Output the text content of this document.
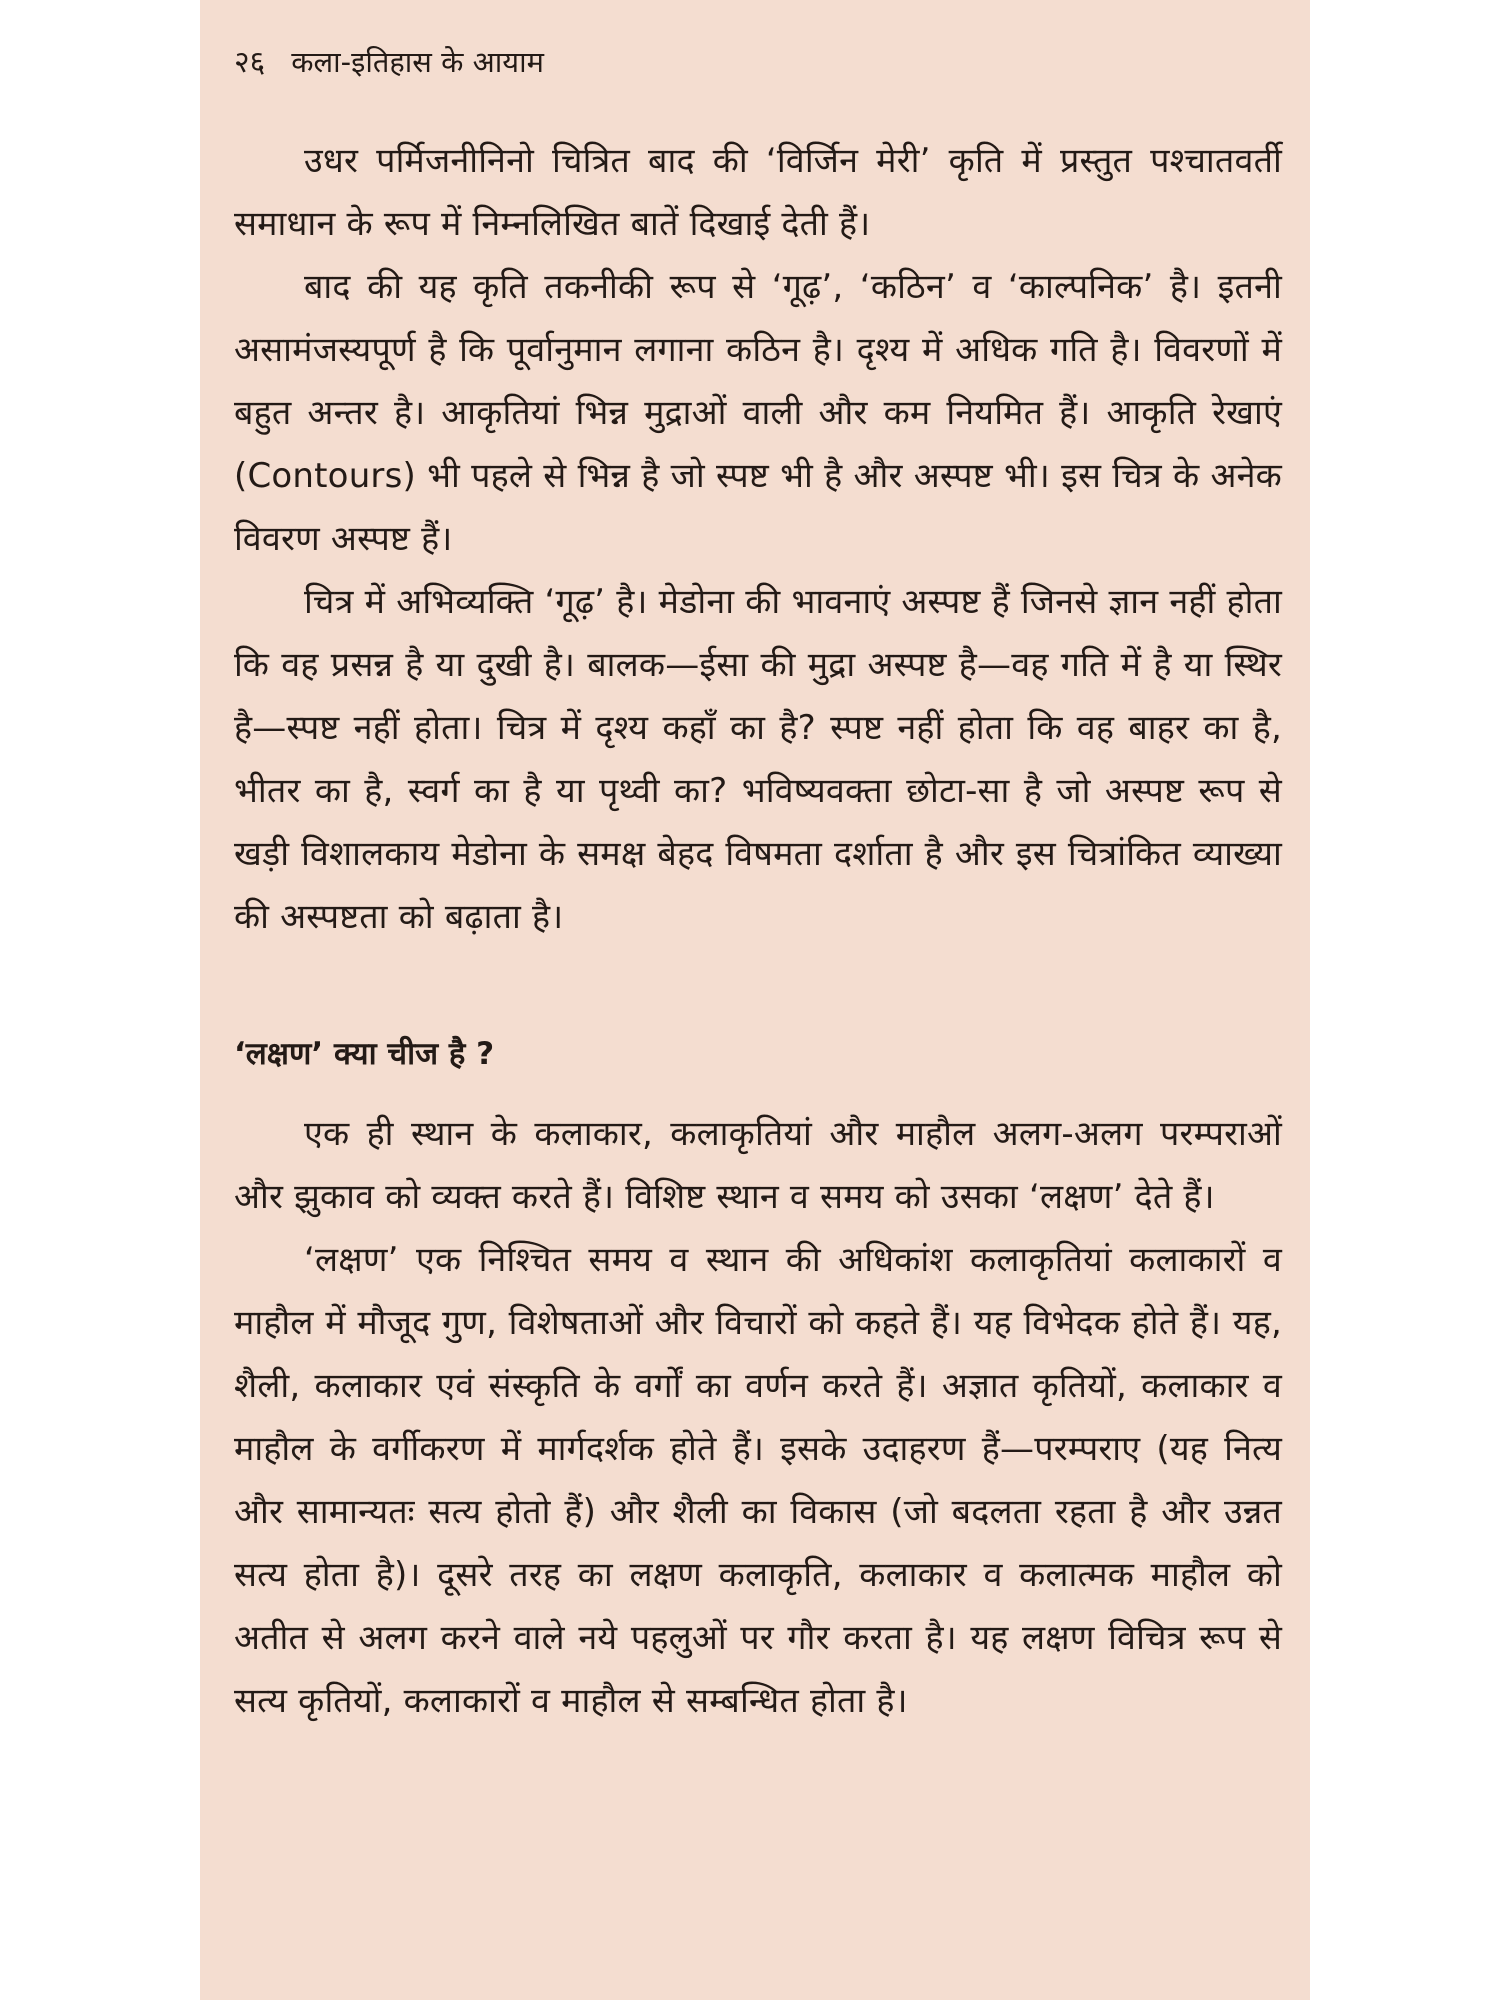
२६ कला-इतिहास के आयाम

उधर पर्मिजनीनिनो चित्रित बाद की ‘विर्जिन मेरी’ कृति में प्रस्तुत पश्चातवर्ती समाधान के रूप में निम्नलिखित बातें दिखाई देती हैं।

बाद की यह कृति तकनीकी रूप से ‘गूढ़’, ‘कठिन’ व ‘काल्पनिक’ है। इतनी असामंजस्यपूर्ण है कि पूर्वानुमान लगाना कठिन है। दृश्य में अधिक गति है। विवरणों में बहुत अन्तर है। आकृतियां भिन्न मुद्राओं वाली और कम नियमित हैं। आकृति रेखाएं (Contours) भी पहले से भिन्न है जो स्पष्ट भी है और अस्पष्ट भी। इस चित्र के अनेक विवरण अस्पष्ट हैं।

चित्र में अभिव्यक्ति ‘गूढ़’ है। मेडोना की भावनाएं अस्पष्ट हैं जिनसे ज्ञान नहीं होता कि वह प्रसन्न है या दुखी है। बालक—ईसा की मुद्रा अस्पष्ट है—वह गति में है या स्थिर है—स्पष्ट नहीं होता। चित्र में दृश्य कहाँ का है? स्पष्ट नहीं होता कि वह बाहर का है, भीतर का है, स्वर्ग का है या पृथ्वी का? भविष्यवक्ता छोटा-सा है जो अस्पष्ट रूप से खड़ी विशालकाय मेडोना के समक्ष बेहद विषमता दर्शाता है और इस चित्रांकित व्याख्या की अस्पष्टता को बढ़ाता है।

‘लक्षण’ क्या चीज है ?

एक ही स्थान के कलाकार, कलाकृतियां और माहौल अलग-अलग परम्पराओं और झुकाव को व्यक्त करते हैं। विशिष्ट स्थान व समय को उसका ‘लक्षण’ देते हैं।

‘लक्षण’ एक निश्चित समय व स्थान की अधिकांश कलाकृतियां कलाकारों व माहौल में मौजूद गुण, विशेषताओं और विचारों को कहते हैं। यह विभेदक होते हैं। यह, शैली, कलाकार एवं संस्कृति के वर्गों का वर्णन करते हैं। अज्ञात कृतियों, कलाकार व माहौल के वर्गीकरण में मार्गदर्शक होते हैं। इसके उदाहरण हैं—परम्पराए (यह नित्य और सामान्यतः सत्य होतो हैं) और शैली का विकास (जो बदलता रहता है और उन्नत सत्य होता है)। दूसरे तरह का लक्षण कलाकृति, कलाकार व कलात्मक माहौल को अतीत से अलग करने वाले नये पहलुओं पर गौर करता है। यह लक्षण विचित्र रूप से सत्य कृतियों, कलाकारों व माहौल से सम्बन्धित होता है।
